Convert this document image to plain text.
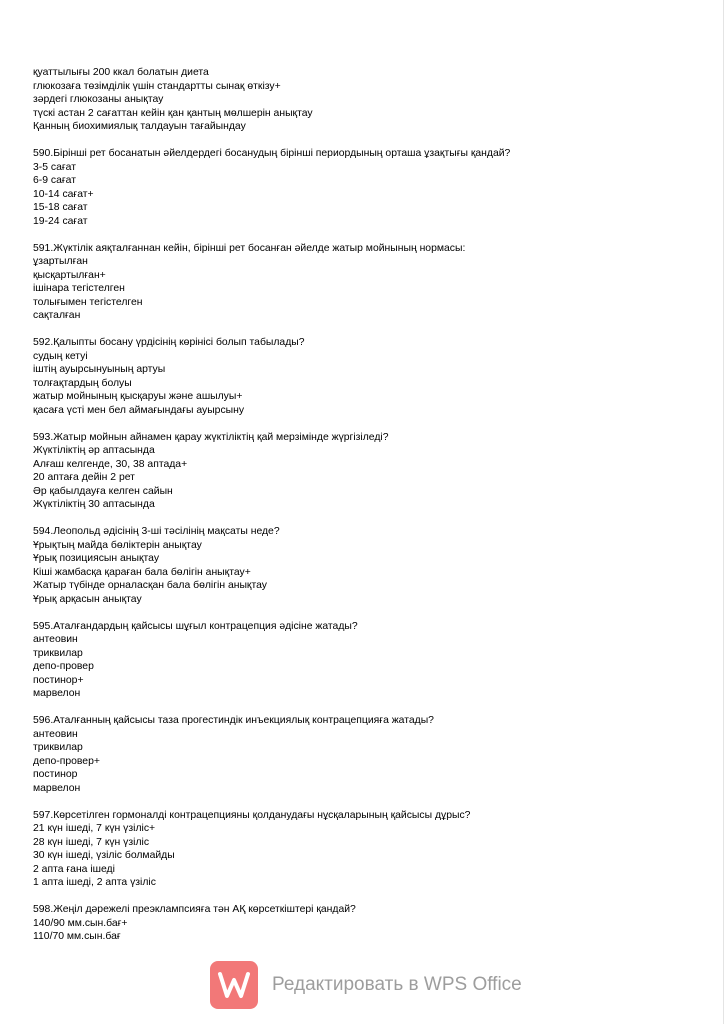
қуаттылығы 200 ккал болатын диета
глюкозаға төзімділік үшін стандартты сынақ өткізу+
зәрдегі глюкозаны анықтау
түскі астан 2 сағаттан кейін қан қантың мөлшерін анықтау
Қанның биохимиялық талдауын тағайындау
590.Бірінші рет босанатын әйелдердегі босанудың бірінші периордының орташа ұзақтығы қандай?
3-5 сағат
6-9 сағат
10-14 сағат+
15-18 сағат
19-24 сағат
591.Жүктілік аяқталғаннан кейін, бірінші рет босанған әйелде жатыр мойнының нормасы:
ұзартылған
қысқартылған+
ішінара тегістелген
толығымен тегістелген
сақталған
592.Қалыпты босану үрдісінің көрінісі болып табылады?
судың кетуі
іштің ауырсынуының артуы
толғақтардың болуы
жатыр мойнының қысқаруы және ашылуы+
қасаға үсті мен бел аймағындағы ауырсыну
593.Жатыр мойнын айнамен қарау жүктіліктің қай мерзімінде жүргізіледі?
Жүктіліктің әр аптасында
Алғаш келгенде, 30, 38 аптада+
20 аптаға дейін 2 рет
Әр қабылдауға келген сайын
Жүктіліктің 30 аптасында
594.Леопольд әдісінің 3-ші тәсілінің мақсаты неде?
Ұрықтың майда бөліктерін анықтау
Ұрық позициясын анықтау
Кіші жамбасқа қараған бала бөлігін анықтау+
Жатыр түбінде орналасқан бала бөлігін анықтау
Ұрық арқасын анықтау
595.Аталғандардың қайсысы шұғыл контрацепция әдісіне жатады?
антеовин
триквилар
депо-провер
постинор+
марвелон
596.Аталғанның қайсысы таза прогестиндік инъекциялық контрацепцияға жатады?
антеовин
триквилар
депо-провер+
постинор
марвелон
597.Көрсетілген гормоналді контрацепцияны қолданудағы нұсқаларының қайсысы дұрыс?
21 күн ішеді, 7 күн үзіліс+
28 күн ішеді, 7 күн үзіліс
30 күн ішеді, үзіліс болмайды
2 апта ғана ішеді
1 апта ішеді, 2 апта үзіліс
598.Жеңіл дәрежелі преэклампсияға тән АҚ көрсеткіштері қандай?
140/90 мм.сын.бағ+
110/70 мм.сын.бағ
Редактировать в WPS Office
